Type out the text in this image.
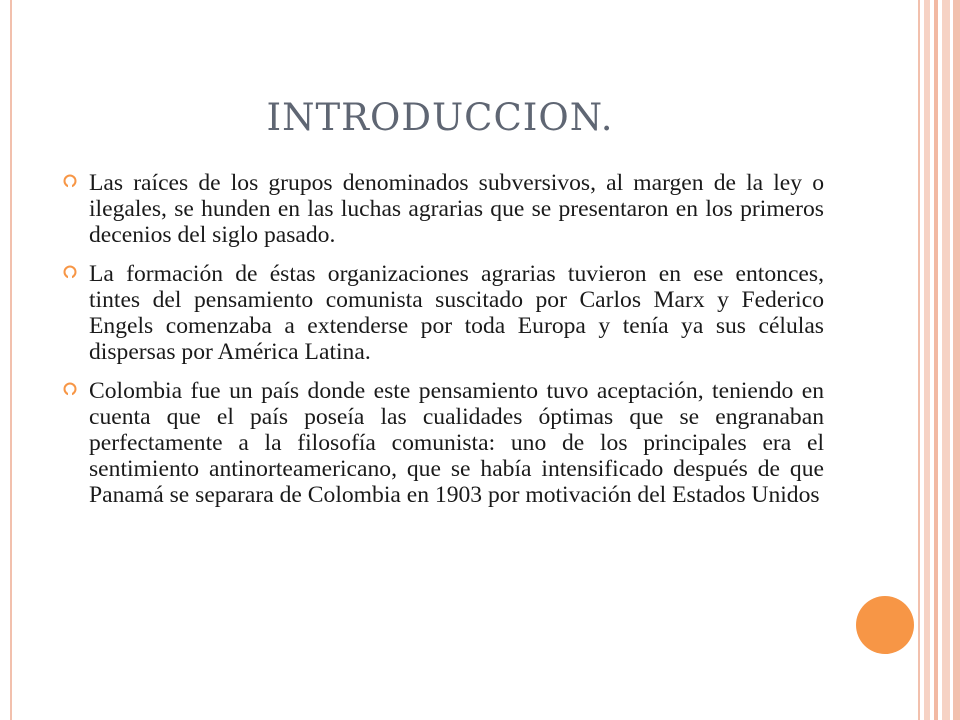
INTRODUCCION.

Las raíces de los grupos denominados subversivos, al margen de la ley o ilegales, se hunden en las luchas agrarias que se presentaron en los primeros decenios del siglo pasado.

La formación de éstas organizaciones agrarias tuvieron en ese entonces, tintes del pensamiento comunista suscitado por Carlos Marx y Federico Engels comenzaba a extenderse por toda Europa y tenía ya sus células dispersas por América Latina.

Colombia fue un país donde este pensamiento tuvo aceptación, teniendo en cuenta que el país poseía las cualidades óptimas que se engranaban perfectamente a la filosofía comunista: uno de los principales era el sentimiento antinorteamericano, que se había intensificado después de que Panamá se separara de Colombia en 1903 por motivación del Estados Unidos
